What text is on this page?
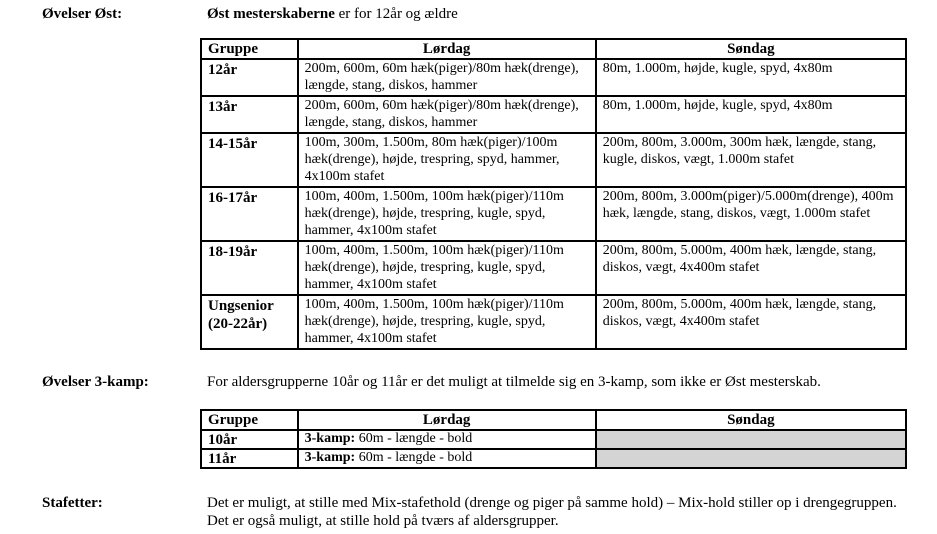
Øvelser Øst:	Øst mesterskaberne er for 12år og ældre
Gruppe	Lørdag	Søndag
12år	200m, 600m, 60m hæk(piger)/80m hæk(drenge), længde, stang, diskos, hammer	80m, 1.000m, højde, kugle, spyd, 4x80m
13år	200m, 600m, 60m hæk(piger)/80m hæk(drenge), længde, stang, diskos, hammer	80m, 1.000m, højde, kugle, spyd, 4x80m
14-15år	100m, 300m, 1.500m, 80m hæk(piger)/100m hæk(drenge), højde, trespring, spyd, hammer, 4x100m stafet	200m, 800m, 3.000m, 300m hæk, længde, stang, kugle, diskos, vægt, 1.000m stafet
16-17år	100m, 400m, 1.500m, 100m hæk(piger)/110m hæk(drenge), højde, trespring, kugle, spyd, hammer, 4x100m stafet	200m, 800m, 3.000m(piger)/5.000m(drenge), 400m hæk, længde, stang, diskos, vægt, 1.000m stafet
18-19år	100m, 400m, 1.500m, 100m hæk(piger)/110m hæk(drenge), højde, trespring, kugle, spyd, hammer, 4x100m stafet	200m, 800m, 5.000m, 400m hæk, længde, stang, diskos, vægt, 4x400m stafet
Ungsenior (20-22år)	100m, 400m, 1.500m, 100m hæk(piger)/110m hæk(drenge), højde, trespring, kugle, spyd, hammer, 4x100m stafet	200m, 800m, 5.000m, 400m hæk, længde, stang, diskos, vægt, 4x400m stafet
Øvelser 3-kamp:	For aldersgrupperne 10år og 11år er det muligt at tilmelde sig en 3-kamp, som ikke er Øst mesterskab.
Gruppe	Lørdag	Søndag
10år	3-kamp: 60m - længde - bold	
11år	3-kamp: 60m - længde - bold	
Stafetter:	Det er muligt, at stille med Mix-stafethold (drenge og piger på samme hold) – Mix-hold stiller op i drengegruppen. Det er også muligt, at stille hold på tværs af aldersgrupper.
